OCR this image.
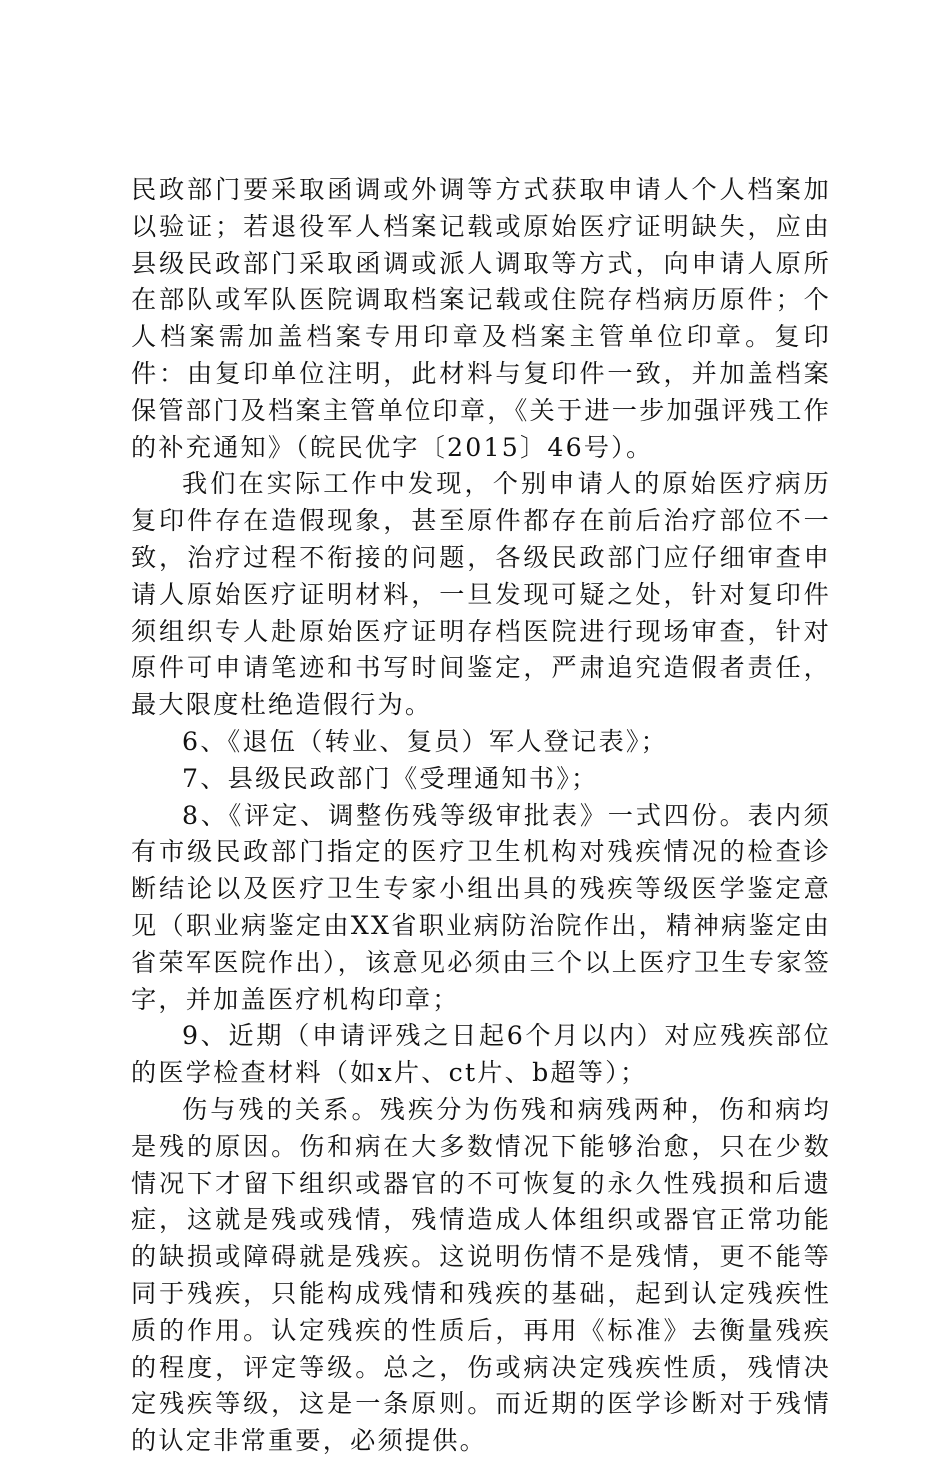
民政部门要采取函调或外调等方式获取申请人个人档案加以验证；若退役军人档案记载或原始医疗证明缺失，应由县级民政部门采取函调或派人调取等方式，向申请人原所在部队或军队医院调取档案记载或住院存档病历原件；个人档案需加盖档案专用印章及档案主管单位印章。复印件：由复印单位注明，此材料与复印件一致，并加盖档案保管部门及档案主管单位印章，《关于进一步加强评残工作的补充通知》（皖民优字〔2015〕46号）。

我们在实际工作中发现，个别申请人的原始医疗病历复印件存在造假现象，甚至原件都存在前后治疗部位不一致，治疗过程不衔接的问题，各级民政部门应仔细审查申请人原始医疗证明材料，一旦发现可疑之处，针对复印件须组织专人赴原始医疗证明存档医院进行现场审查，针对原件可申请笔迹和书写时间鉴定，严肃追究造假者责任，最大限度杜绝造假行为。

6、《退伍（转业、复员）军人登记表》；

7、县级民政部门《受理通知书》；

8、《评定、调整伤残等级审批表》一式四份。表内须有市级民政部门指定的医疗卫生机构对残疾情况的检查诊断结论以及医疗卫生专家小组出具的残疾等级医学鉴定意见（职业病鉴定由XX省职业病防治院作出，精神病鉴定由省荣军医院作出），该意见必须由三个以上医疗卫生专家签字，并加盖医疗机构印章；

9、近期（申请评残之日起6个月以内）对应残疾部位的医学检查材料（如x片、ct片、b超等）；

伤与残的关系。残疾分为伤残和病残两种，伤和病均是残的原因。伤和病在大多数情况下能够治愈，只在少数情况下才留下组织或器官的不可恢复的永久性残损和后遗症，这就是残或残情，残情造成人体组织或器官正常功能的缺损或障碍就是残疾。这说明伤情不是残情，更不能等同于残疾，只能构成残情和残疾的基础，起到认定残疾性质的作用。认定残疾的性质后，再用《标准》去衡量残疾的程度，评定等级。总之，伤或病决定残疾性质，残情决定残疾等级，这是一条原则。而近期的医学诊断对于残情的认定非常重要，必须提供。
